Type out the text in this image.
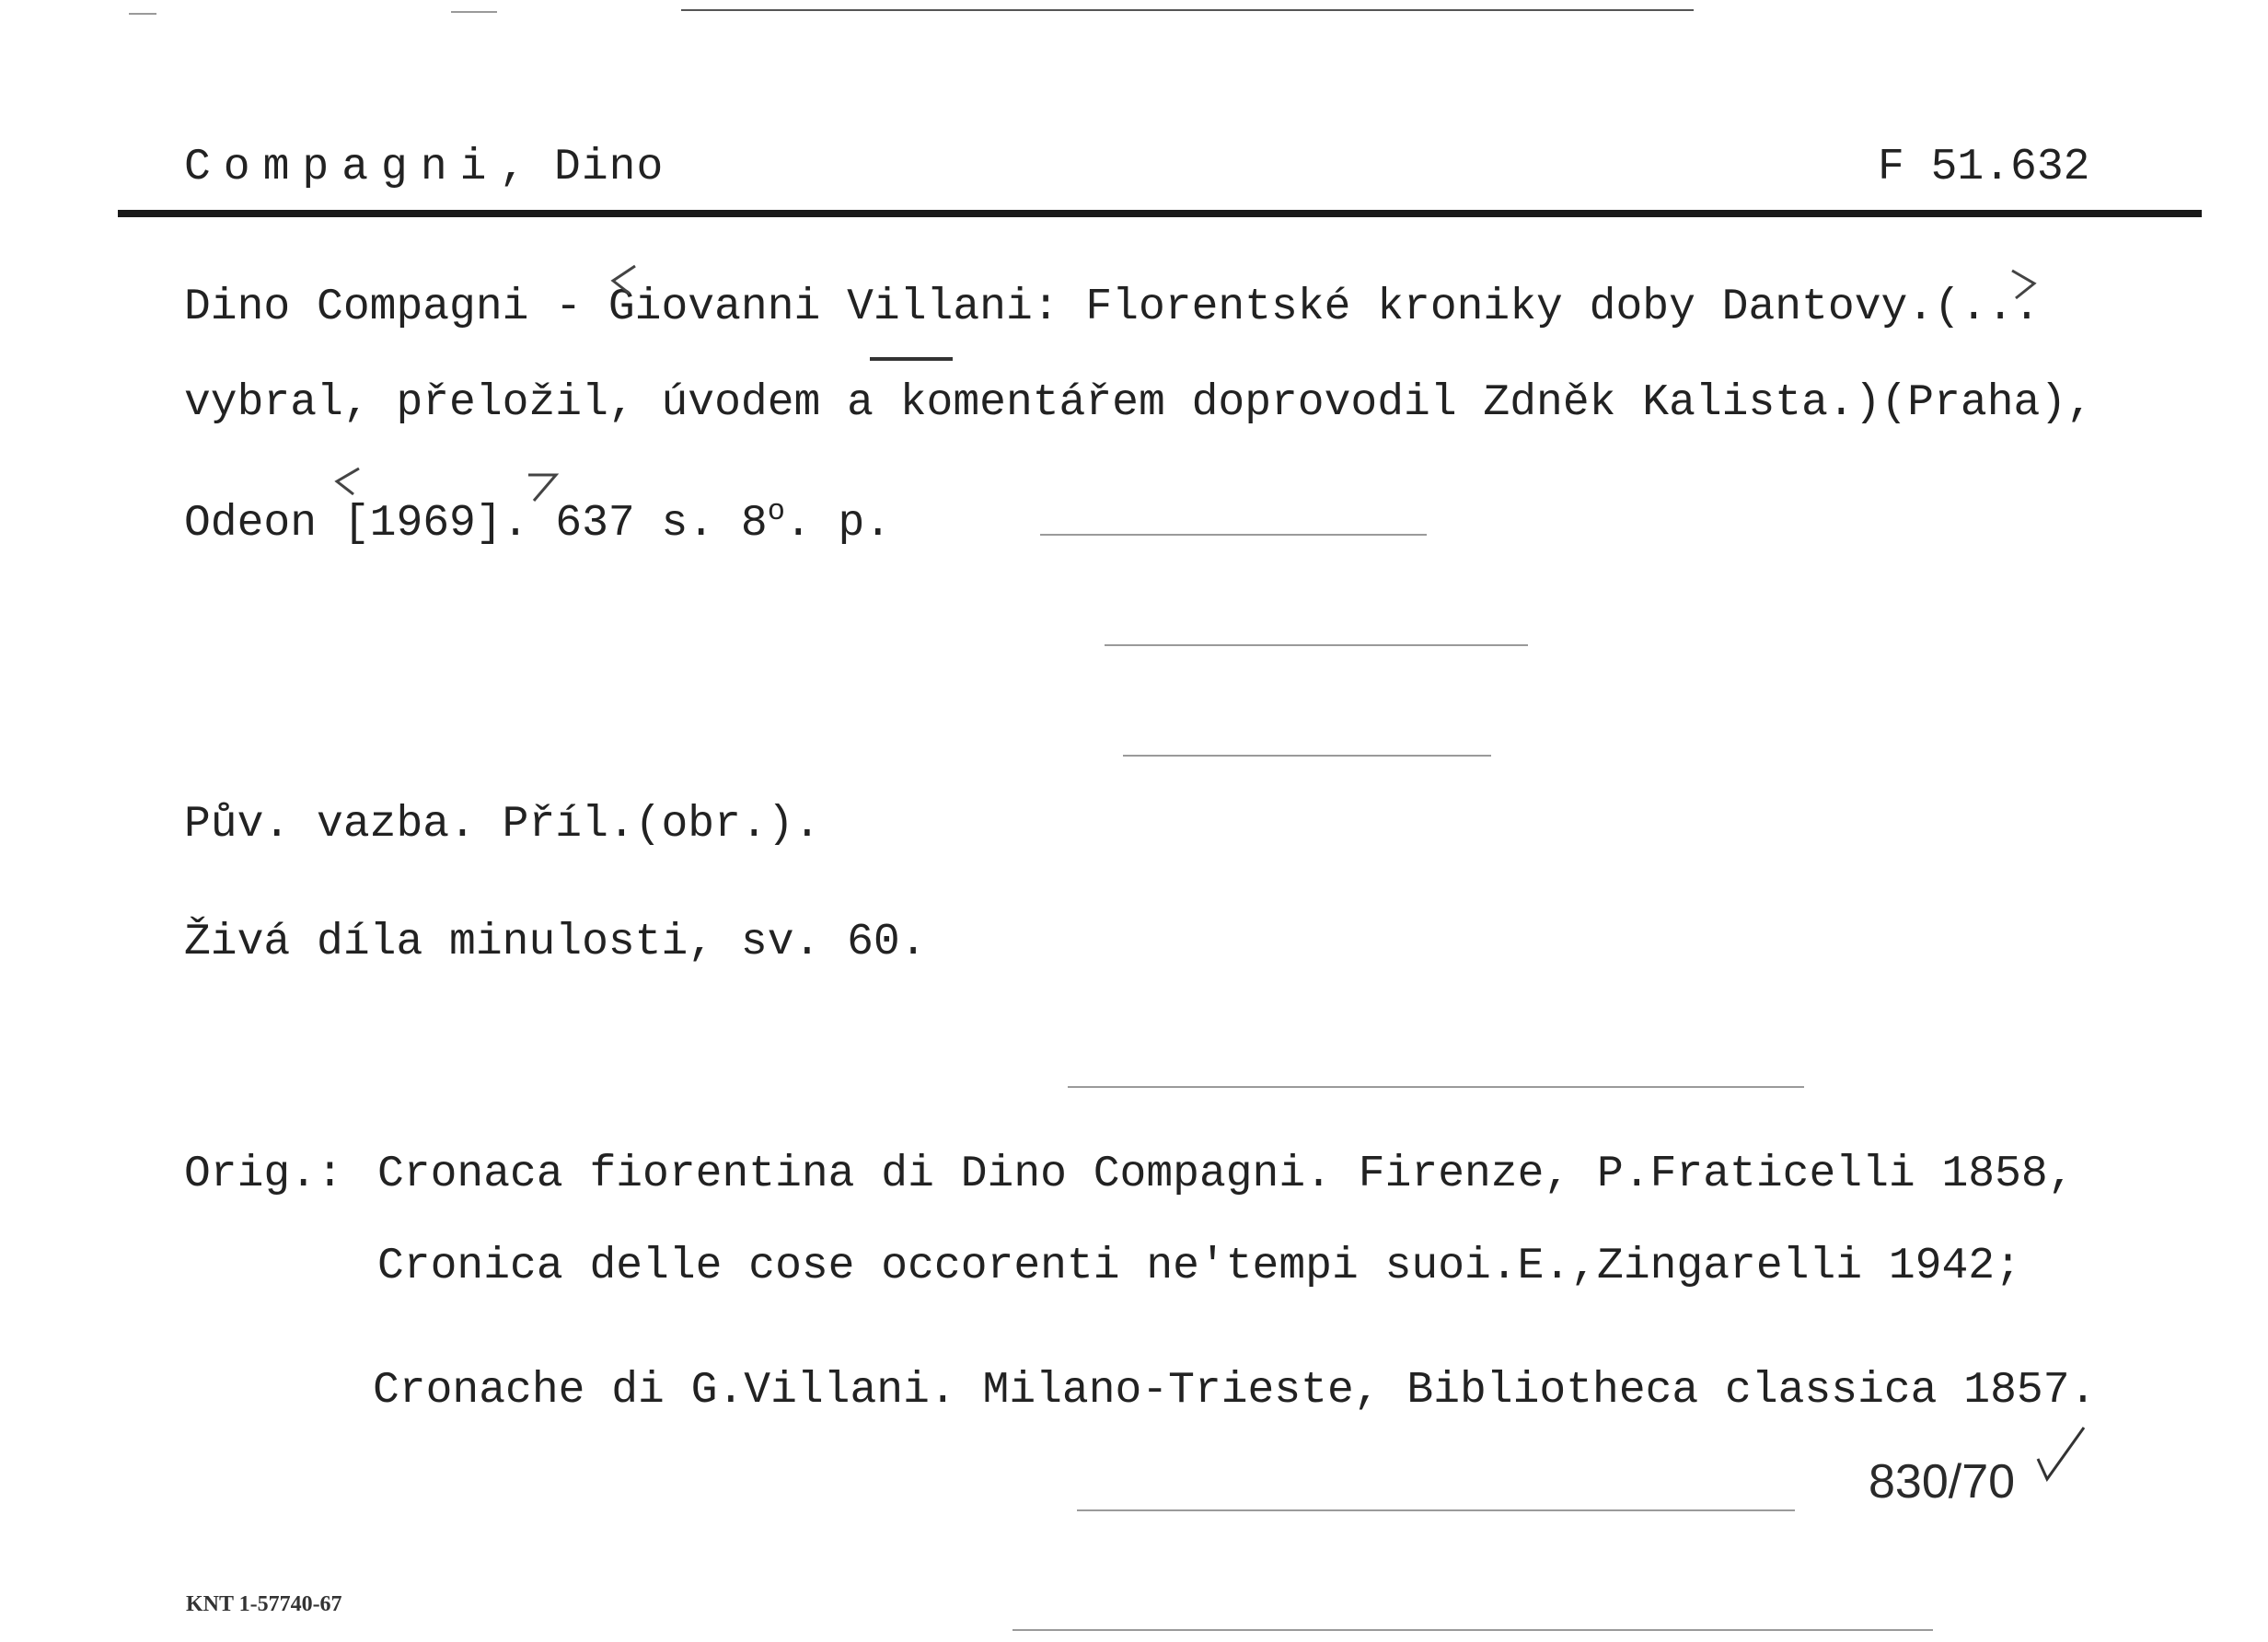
Compagni, Dino	F 51.632
Dino Compagni - Giovanni Villani: Florentské kroniky doby Dantovy.(...
vybral, přeložil, úvodem a komentářem doprovodil Zdněk Kalista.)(Praha),
Odeon [1969]. 637 s. 8$^o$. p.
Pův. vazba. Příl.(obr.).
Živá díla minulosti, sv. 60.
Orig.: Cronaca fiorentina di Dino Compagni. Firenze, P.Fraticelli 1858,
Cronica delle cose occorenti ne'tempi suoi.E.,Zingarelli 1942;
Cronache di G.Villani. Milano-Trieste, Bibliotheca classica 1857.
830/70
KNT 1-57740-67
